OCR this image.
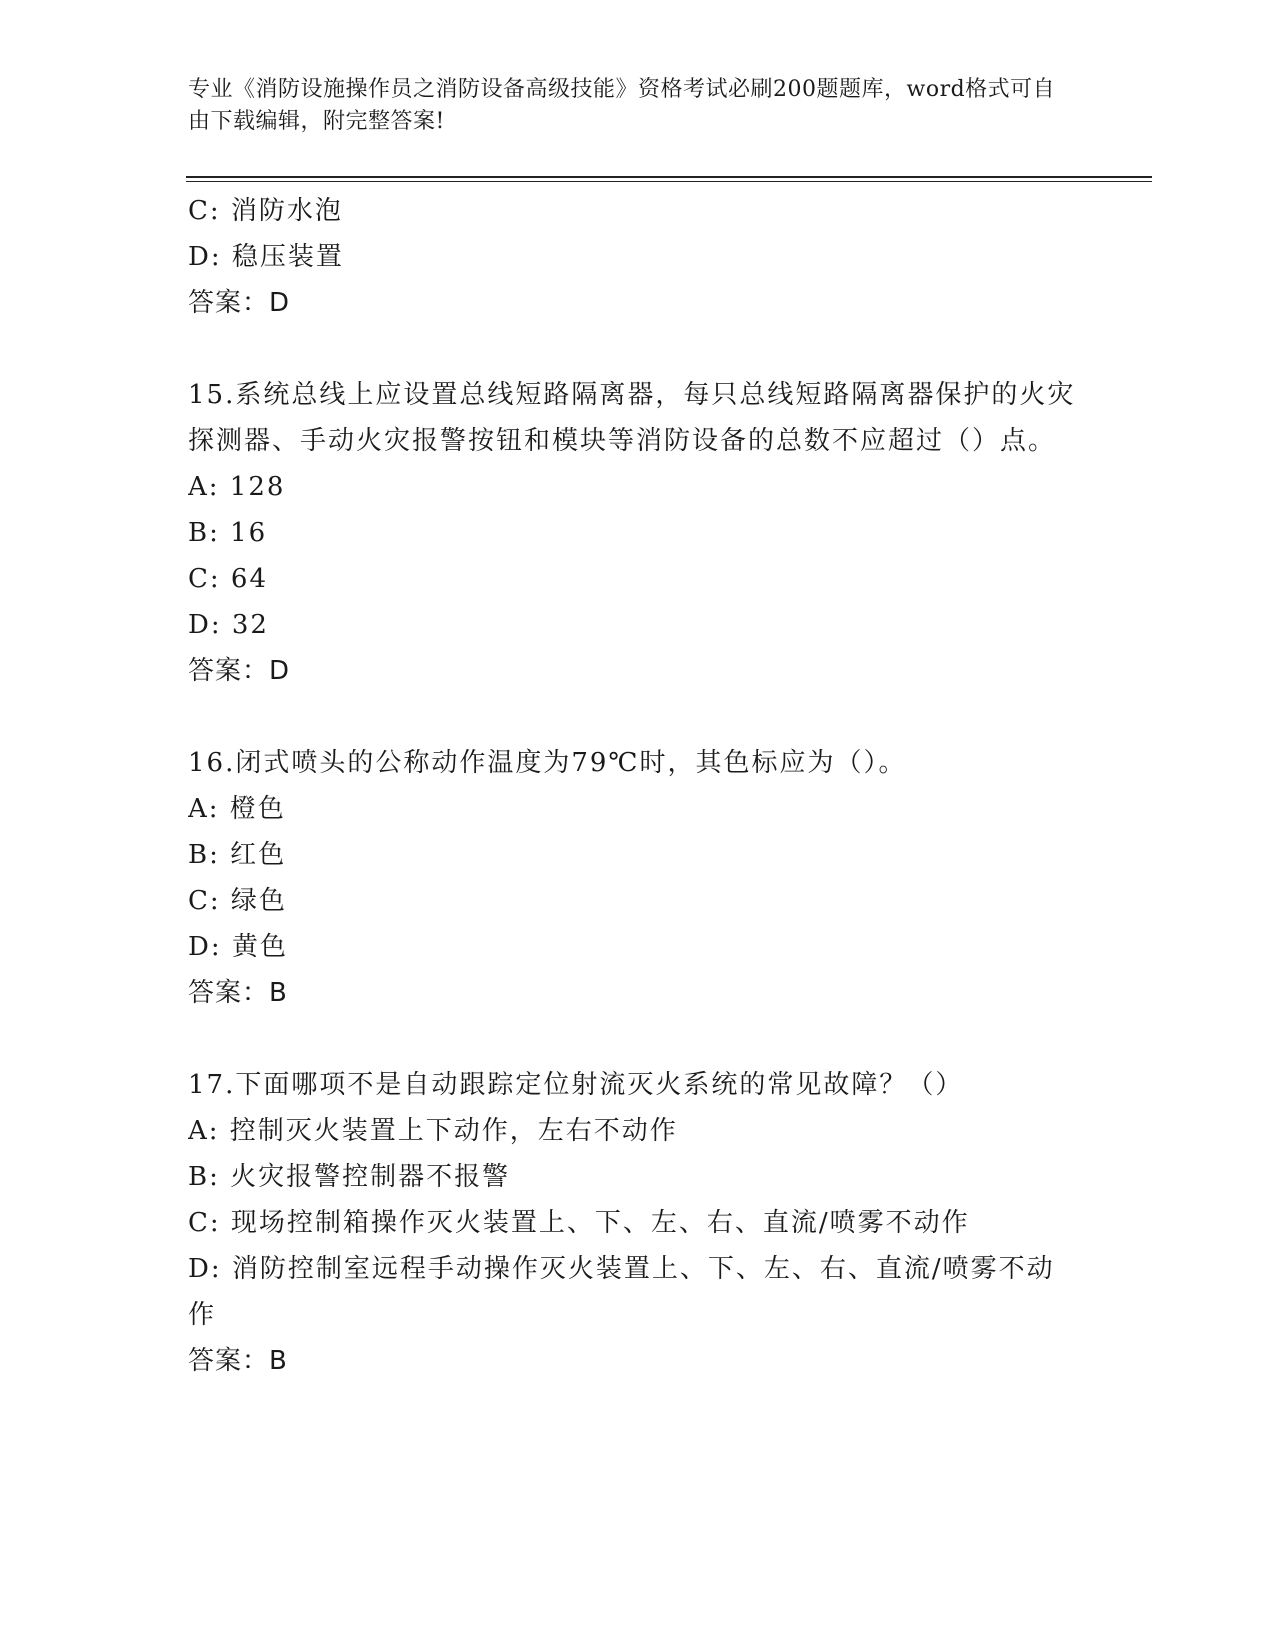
专业《消防设施操作员之消防设备高级技能》资格考试必刷200题题库，word格式可自由下载编辑，附完整答案!
C: 消防水泡
D: 稳压装置
答案：D
15.系统总线上应设置总线短路隔离器，每只总线短路隔离器保护的火灾探测器、手动火灾报警按钮和模块等消防设备的总数不应超过（）点。
A: 128
B: 16
C: 64
D: 32
答案：D
16.闭式喷头的公称动作温度为79℃时，其色标应为（）。
A: 橙色
B: 红色
C: 绿色
D: 黄色
答案：B
17.下面哪项不是自动跟踪定位射流灭火系统的常见故障？（）
A: 控制灭火装置上下动作，左右不动作
B: 火灾报警控制器不报警
C: 现场控制箱操作灭火装置上、下、左、右、直流/喷雾不动作
D: 消防控制室远程手动操作灭火装置上、下、左、右、直流/喷雾不动作
答案：B
